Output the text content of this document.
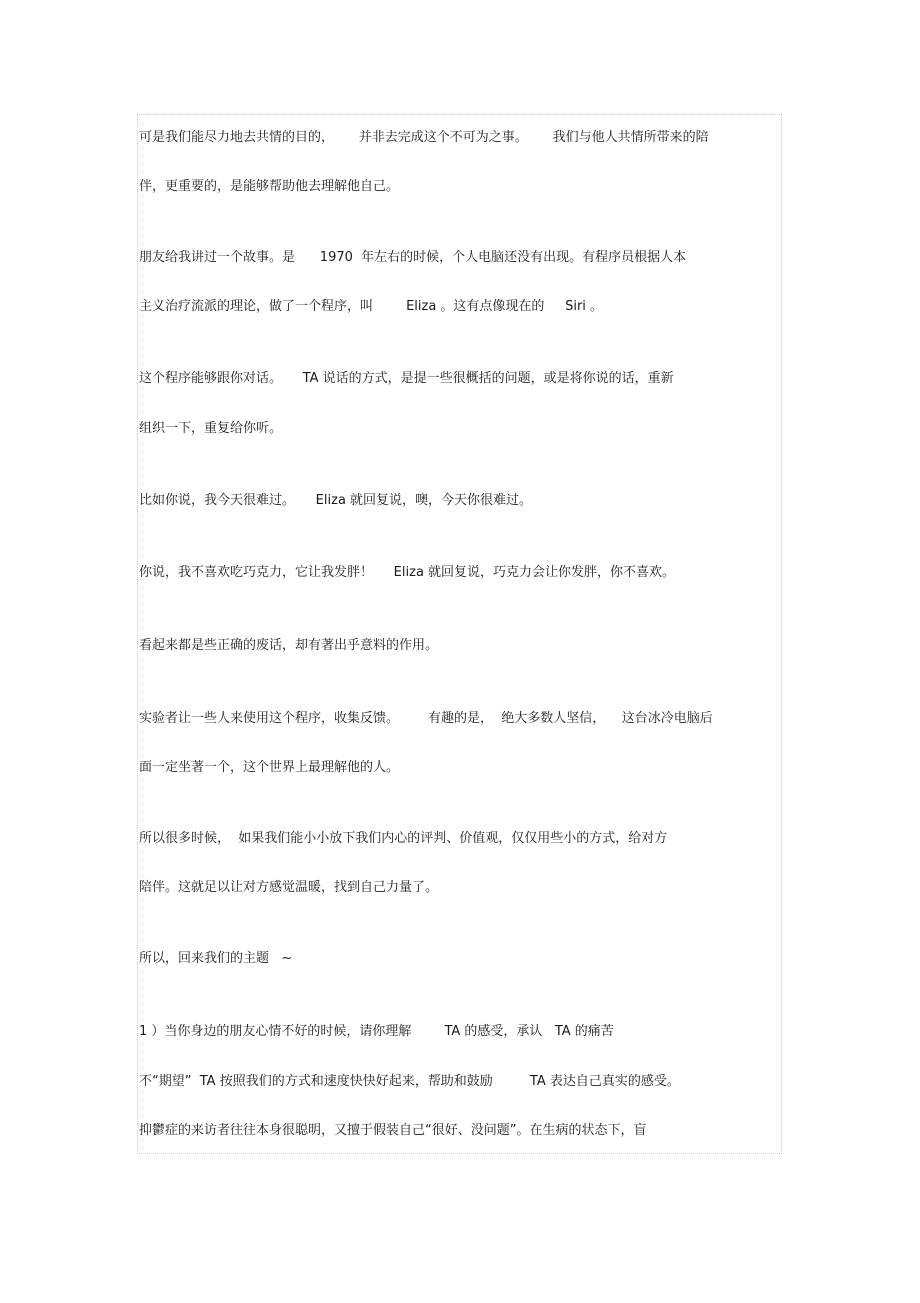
可是我们能尽力地去共情的目的，      并非去完成这个不可为之事。      我们与他人共情所带来的陪
伴，更重要的，是能够帮助他去理解他自己。
朋友给我讲过一个故事。是      1970  年左右的时候，个人电脑还没有出现。有程序员根据人本
主义治疗流派的理论，做了一个程序，叫        Eliza 。这有点像现在的     Siri 。
这个程序能够跟你对话。     TA 说话的方式，是提一些很概括的问题，或是将你说的话，重新
组织一下，重复给你听。
比如你说，我今天很难过。     Eliza 就回复说，噢，今天你很难过。
你说，我不喜欢吃巧克力，它让我发胖！     Eliza 就回复说，巧克力会让你发胖，你不喜欢。
看起来都是些正确的废话，却有著出乎意料的作用。
实验者让一些人来使用这个程序，收集反馈。       有趣的是，  绝大多数人坚信，    这台冰冷电脑后
面一定坐著一个，这个世界上最理解他的人。
所以很多时候，  如果我们能小小放下我们内心的评判、价值观，仅仅用些小的方式，给对方
陪伴。这就足以让对方感觉温暖，找到自己力量了。
所以，回来我们的主题   ~
1 ）当你身边的朋友心情不好的时候，请你理解        TA 的感受，承认   TA 的痛苦
不“期望”  TA 按照我们的方式和速度快快好起来，帮助和鼓励         TA 表达自己真实的感受。
抑鬱症的来访者往往本身很聪明，又擅于假装自己“很好、没问题”。在生病的状态下，盲
